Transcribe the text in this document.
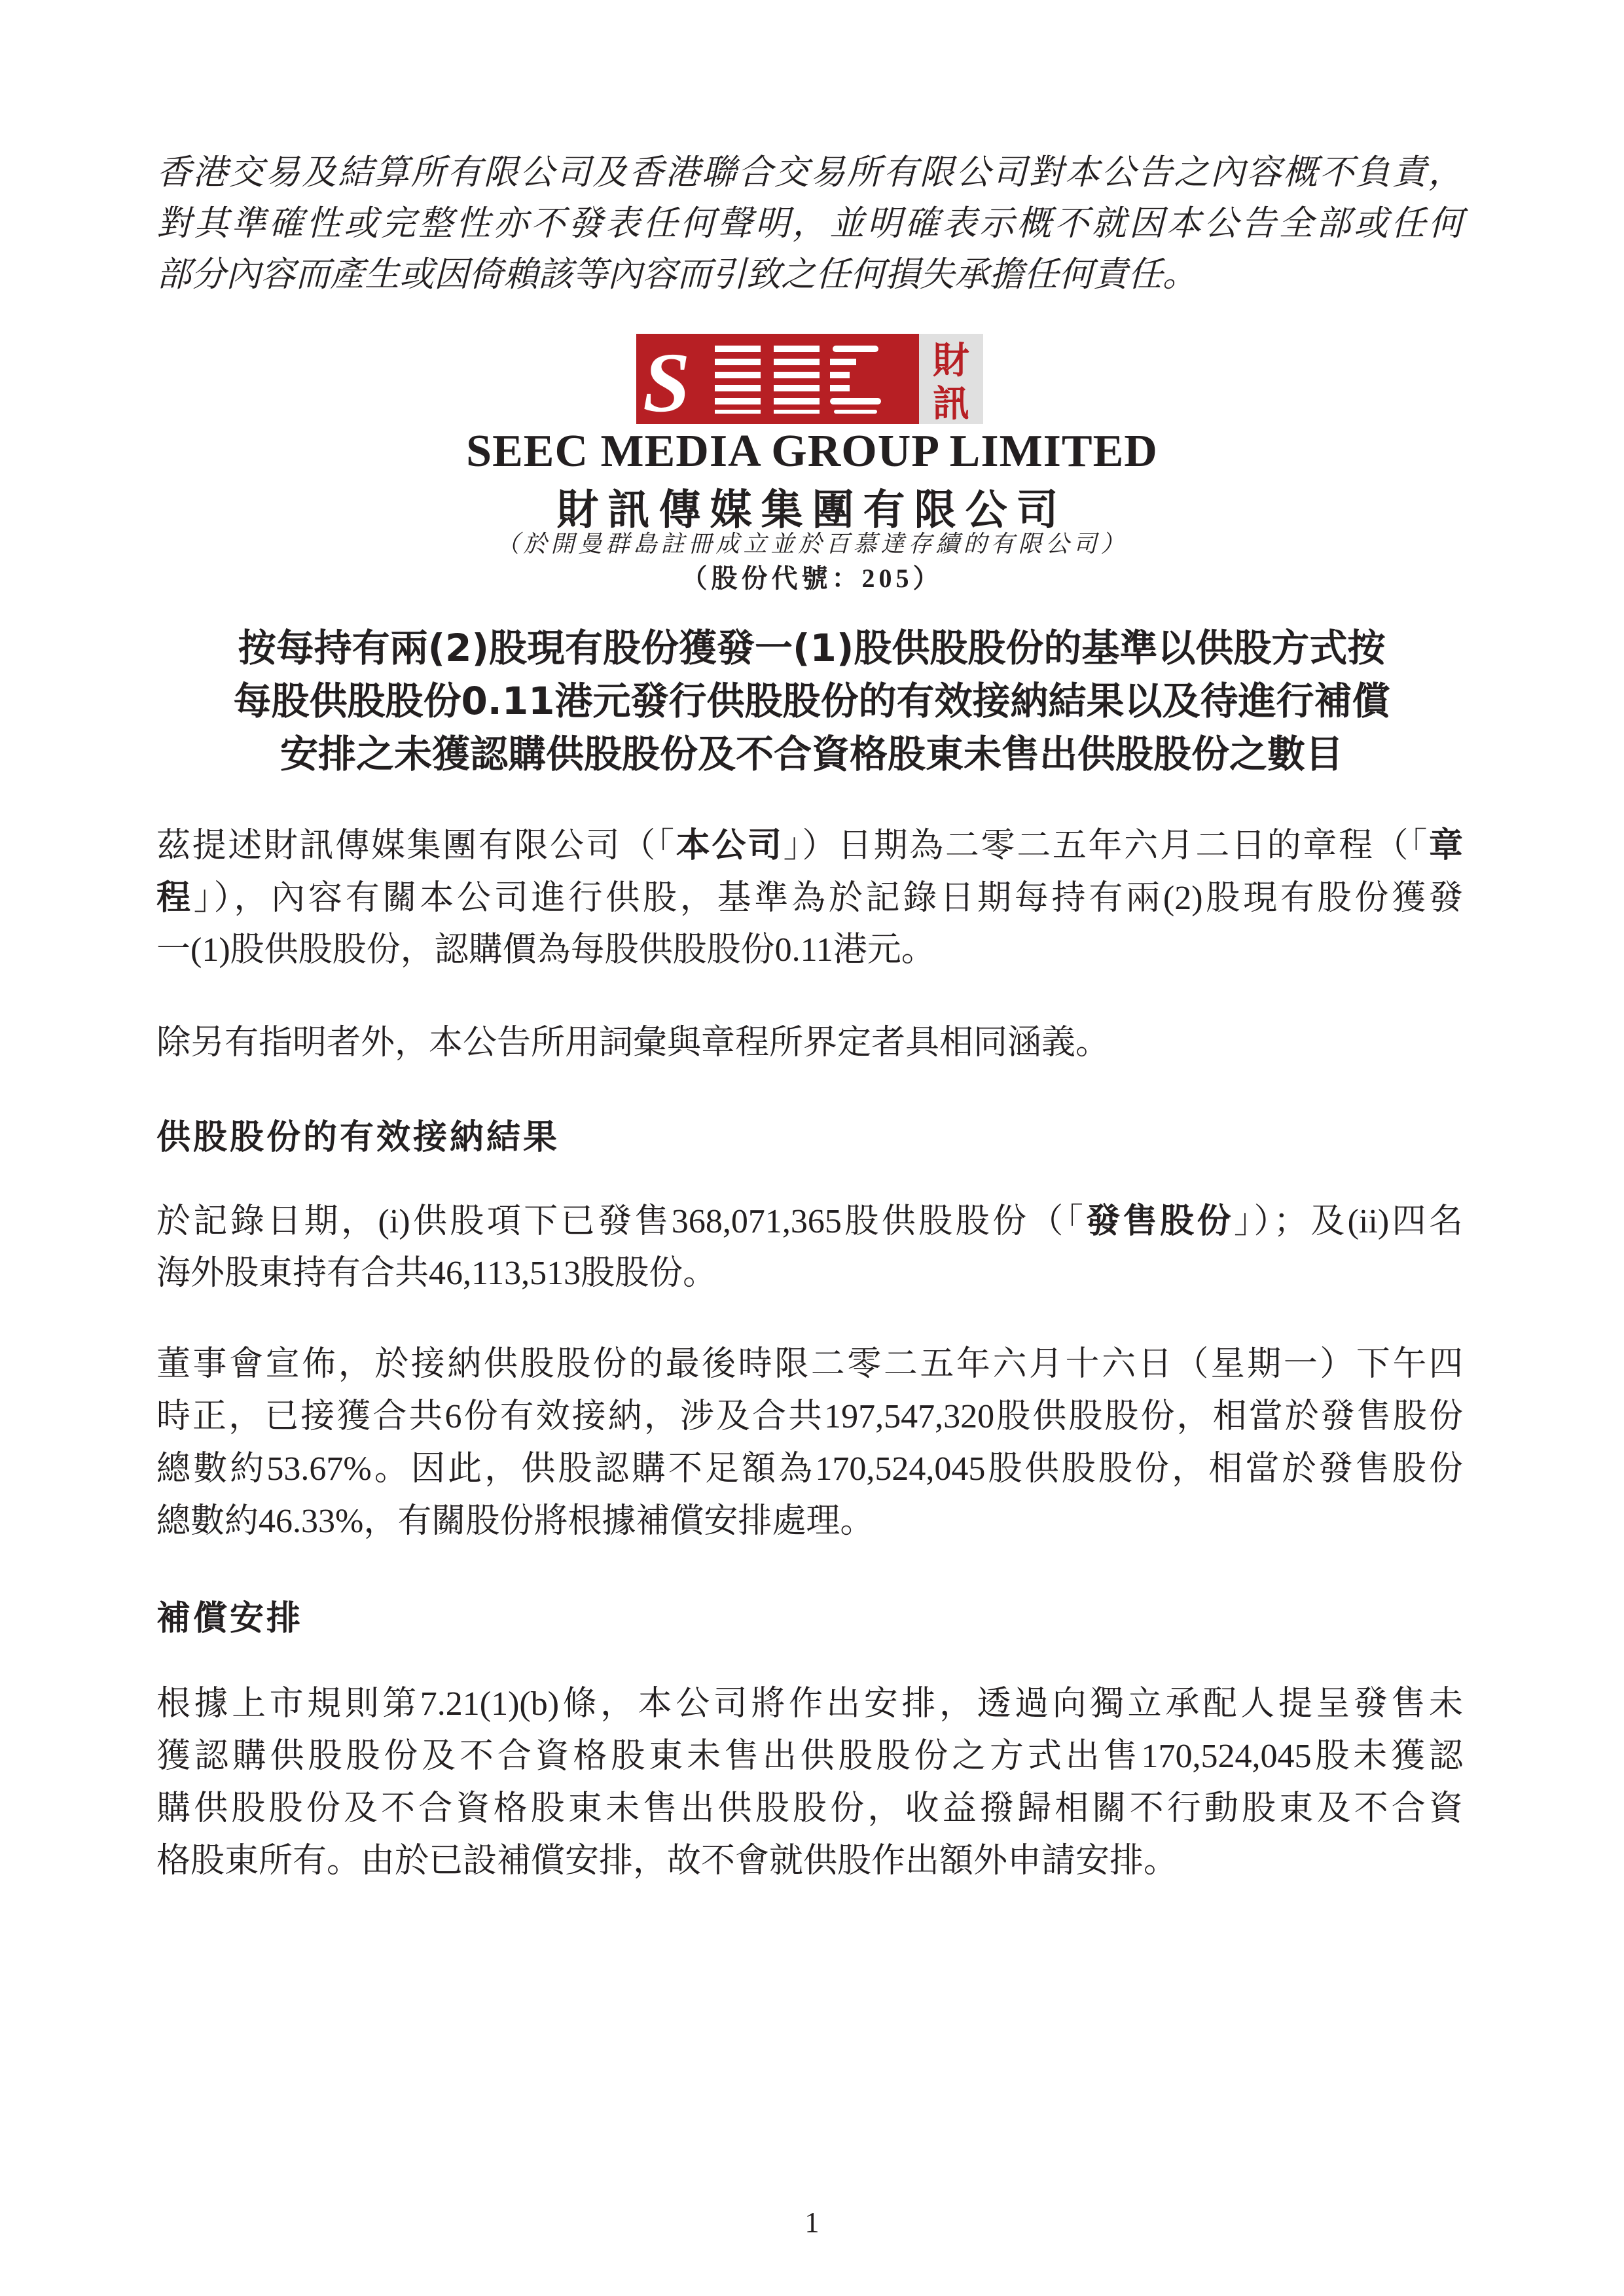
香港交易及結算所有限公司及香港聯合交易所有限公司對本公告之內容概不負責，
對其準確性或完整性亦不發表任何聲明，並明確表示概不就因本公告全部或任何
部分內容而產生或因倚賴該等內容而引致之任何損失承擔任何責任。
S	財
訊
SEEC MEDIA GROUP LIMITED
財訊傳媒集團有限公司
（於開曼群島註冊成立並於百慕達存續的有限公司）
（股份代號：205）
按每持有兩(2)股現有股份獲發一(1)股供股股份的基準以供股方式按
每股供股股份0.11港元發行供股股份的有效接納結果以及待進行補償
安排之未獲認購供股股份及不合資格股東未售出供股股份之數目
茲提述財訊傳媒集團有限公司（「本公司」）日期為二零二五年六月二日的章程（「章
程」），內容有關本公司進行供股，基準為於記錄日期每持有兩(2)股現有股份獲發
一(1)股供股股份，認購價為每股供股股份0.11港元。
除另有指明者外，本公告所用詞彙與章程所界定者具相同涵義。
供股股份的有效接納結果
於記錄日期，(i)供股項下已發售368,071,365股供股股份（「發售股份」）；及(ii)四名
海外股東持有合共46,113,513股股份。
董事會宣佈，於接納供股股份的最後時限二零二五年六月十六日（星期一）下午四
時正，已接獲合共6份有效接納，涉及合共197,547,320股供股股份，相當於發售股份
總數約53.67%。因此，供股認購不足額為170,524,045股供股股份，相當於發售股份
總數約46.33%，有關股份將根據補償安排處理。
補償安排
根據上市規則第7.21(1)(b)條，本公司將作出安排，透過向獨立承配人提呈發售未
獲認購供股股份及不合資格股東未售出供股股份之方式出售170,524,045股未獲認
購供股股份及不合資格股東未售出供股股份，收益撥歸相關不行動股東及不合資
格股東所有。由於已設補償安排，故不會就供股作出額外申請安排。
1
